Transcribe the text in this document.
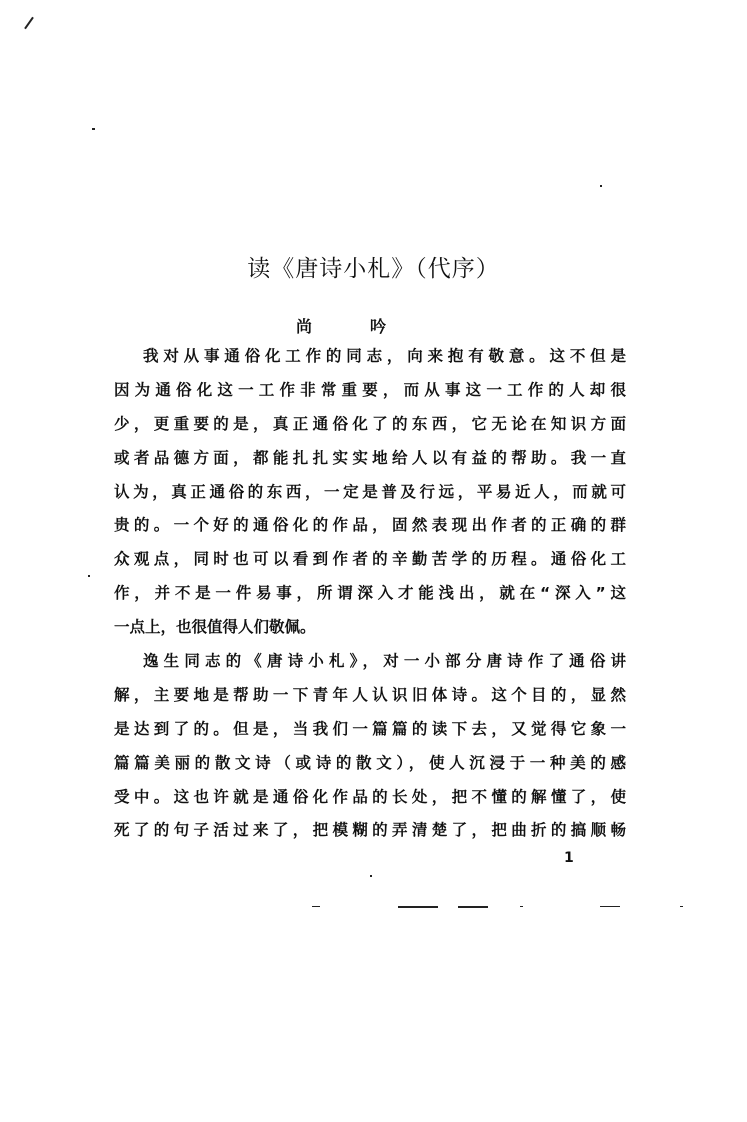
读《唐诗小札》（代序）
尚	吟
我对从事通俗化工作的同志，向来抱有敬意。这不但是
因为通俗化这一工作非常重要，而从事这一工作的人却很
少，更重要的是，真正通俗化了的东西，它无论在知识方面
或者品德方面，都能扎扎实实地给人以有益的帮助。我一直
认为，真正通俗的东西，一定是普及行远，平易近人，而就可
贵的。一个好的通俗化的作品，固然表现出作者的正确的群
众观点，同时也可以看到作者的辛勤苦学的历程。通俗化工
作，并不是一件易事，所谓深入才能浅出，就在“深入”这
一点上，也很值得人们敬佩。
逸生同志的《唐诗小札》，对一小部分唐诗作了通俗讲
解，主要地是帮助一下青年人认识旧体诗。这个目的，显然
是达到了的。但是，当我们一篇篇的读下去，又觉得它象一
篇篇美丽的散文诗（或诗的散文），使人沉浸于一种美的感
受中。这也许就是通俗化作品的长处，把不懂的解懂了，使
死了的句子活过来了，把模糊的弄清楚了，把曲折的搞顺畅
1
